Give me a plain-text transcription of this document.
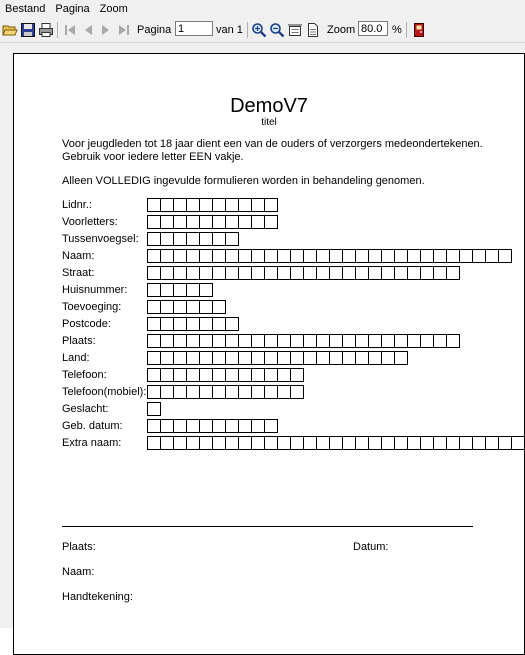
Bestand Pagina Zoom
Pagina
1	van 1	Zoom
80.0	%
DemoV7
titel
Voor jeugdleden tot 18 jaar dient een van de ouders of verzorgers medeondertekenen.
Gebruik voor iedere letter EEN vakje.
Alleen VOLLEDIG ingevulde formulieren worden in behandeling genomen.
Lidnr.:
Voorletters:
Tussenvoegsel:
Naam:
Straat:
Huisnummer:
Toevoeging:
Postcode:
Plaats:
Land:
Telefoon:
Telefoon(mobiel):
Geslacht:
Geb. datum:
Extra naam:
Plaats:	Datum:
Naam:
Handtekening:
